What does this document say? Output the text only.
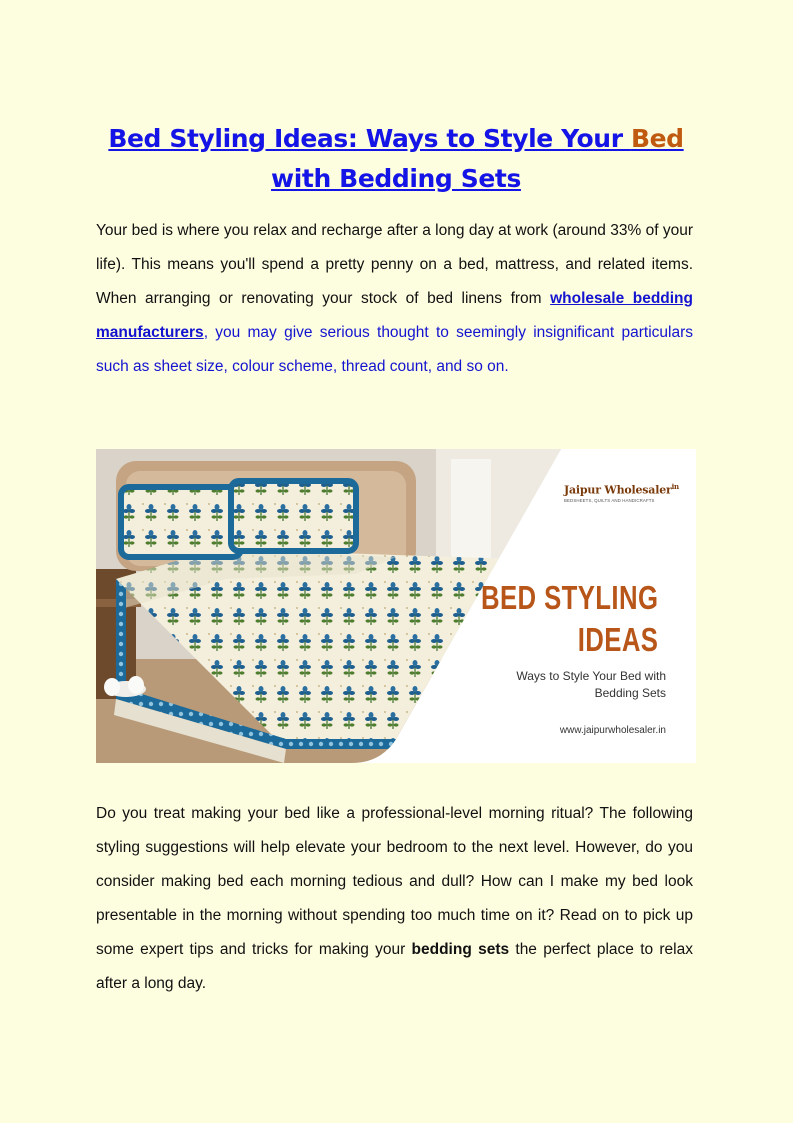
Bed Styling Ideas: Ways to Style Your Bed
with Bedding Sets

Your bed is where you relax and recharge after a long day at work (around 33% of your life). This means you'll spend a pretty penny on a bed, mattress, and related items. When arranging or renovating your stock of bed linens from wholesale bedding manufacturers, you may give serious thought to seemingly insignificant particulars such as sheet size, colour scheme, thread count, and so on.

Jaipur Wholesaler$^{in}$
BEDSHEETS, QUILTS AND HANDICRAFTS
BED STYLING
IDEAS
Ways to Style Your Bed with
Bedding Sets
www.jaipurwholesaler.in

Do you treat making your bed like a professional-level morning ritual? The following styling suggestions will help elevate your bedroom to the next level. However, do you consider making bed each morning tedious and dull? How can I make my bed look presentable in the morning without spending too much time on it? Read on to pick up some expert tips and tricks for making your bedding sets the perfect place to relax after a long day.
